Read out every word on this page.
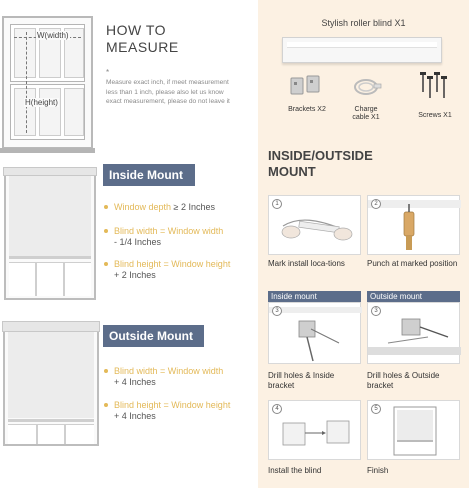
W(width)
H(height)
HOW TO
MEASURE
*
Measure exact inch, if meet measurement less than 1 inch, please also let us know exact measurement, please do not leave it
Inside Mount
Window depth ≥ 2 Inches
Blind width = Window width
- 1/4 Inches
Blind height = Window height
+ 2 Inches
Outside Mount
Blind width = Window width
+ 4 Inches
Blind height = Window height
+ 4 Inches
Stylish roller blind X1
Brackets X2	Charge
cable X1	Screws X1
INSIDE/OUTSIDE
MOUNT
1
Mark install loca-tions
2
Punch at marked position
Inside mount
3
Drill holes & Inside bracket
Outside mount
3
Drill holes & Outside bracket
4
Install the blind
5
Finish
